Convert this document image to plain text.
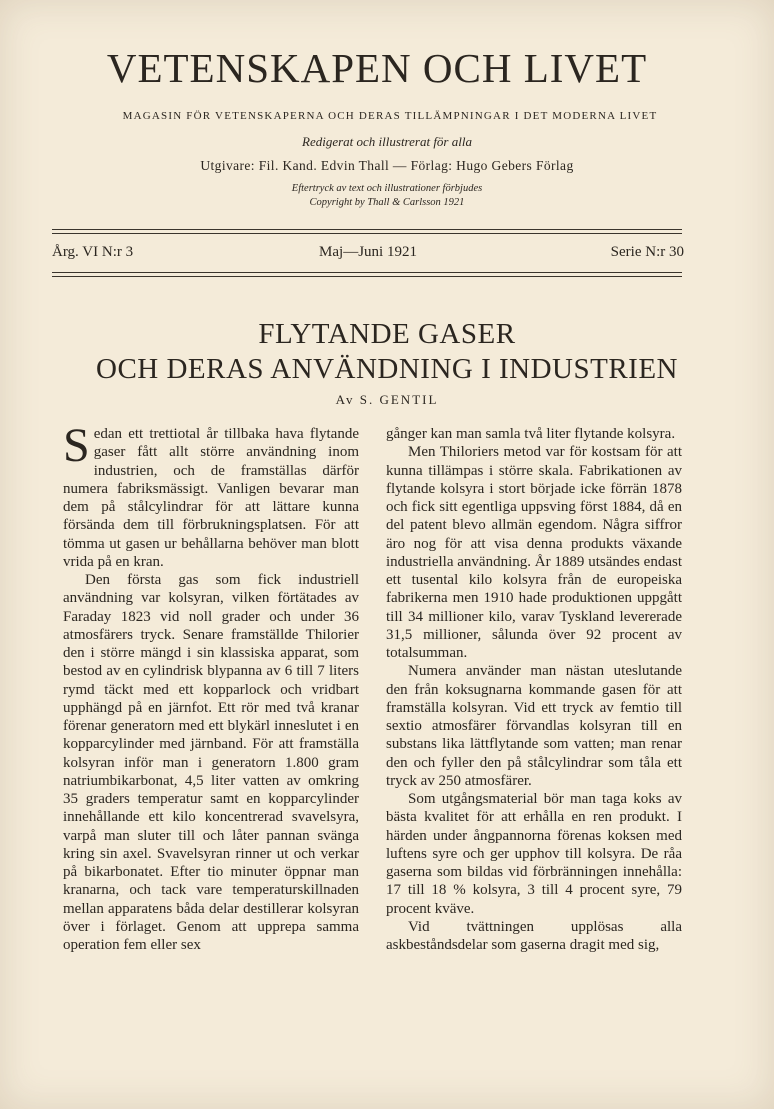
VETENSKAPEN OCH LIVET
MAGASIN FÖR VETENSKAPERNA OCH DERAS TILLÄMPNINGAR I DET MODERNA LIVET
Redigerat och illustrerat för alla
Utgivare: Fil. Kand. Edvin Thall — Förlag: Hugo Gebers Förlag
Eftertryck av text och illustrationer förbjudes
Copyright by Thall & Carlsson 1921
Årg. VI N:r 3	Maj—Juni 1921	Serie N:r 30
FLYTANDE GASER
OCH DERAS ANVÄNDNING I INDUSTRIEN
Av S. GENTIL

Sedan ett trettiotal år tillbaka hava flytande gaser fått allt större användning inom industrien, och de framställas därför numera fabriksmässigt. Vanligen bevarar man dem på stålcylindrar för att lättare kunna försända dem till förbrukningsplatsen. För att tömma ut gasen ur behållarna behöver man blott vrida på en kran.

Den första gas som fick industriell användning var kolsyran, vilken förtätades av Faraday 1823 vid noll grader och under 36 atmosfärers tryck. Senare framställde Thilorier den i större mängd i sin klassiska apparat, som bestod av en cylindrisk blypanna av 6 till 7 liters rymd täckt med ett kopparlock och vridbart upphängd på en järnfot. Ett rör med två kranar förenar generatorn med ett blykärl inneslutet i en kopparcylinder med järnband. För att framställa kolsyran inför man i generatorn 1.800 gram natriumbikarbonat, 4,5 liter vatten av omkring 35 graders temperatur samt en kopparcylinder innehållande ett kilo koncentrerad svavelsyra, varpå man sluter till och låter pannan svänga kring sin axel. Svavelsyran rinner ut och verkar på bikarbonatet. Efter tio minuter öppnar man kranarna, och tack vare temperaturskillnaden mellan apparatens båda delar destillerar kolsyran över i förlaget. Genom att upprepa samma operation fem eller sex

gånger kan man samla två liter flytande kolsyra.

Men Thiloriers metod var för kostsam för att kunna tillämpas i större skala. Fabrikationen av flytande kolsyra i stort började icke förrän 1878 och fick sitt egentliga uppsving först 1884, då en del patent blevo allmän egendom. Några siffror äro nog för att visa denna produkts växande industriella användning. År 1889 utsändes endast ett tusental kilo kolsyra från de europeiska fabrikerna men 1910 hade produktionen uppgått till 34 millioner kilo, varav Tyskland levererade 31,5 millioner, sålunda över 92 procent av totalsumman.

Numera använder man nästan uteslutande den från koksugnarna kommande gasen för att framställa kolsyran. Vid ett tryck av femtio till sextio atmosfärer förvandlas kolsyran till en substans lika lättflytande som vatten; man renar den och fyller den på stålcylindrar som tåla ett tryck av 250 atmosfärer.

Som utgångsmaterial bör man taga koks av bästa kvalitet för att erhålla en ren produkt. I härden under ångpannorna förenas koksen med luftens syre och ger upphov till kolsyra. De råa gaserna som bildas vid förbränningen innehålla: 17 till 18 % kolsyra, 3 till 4 procent syre, 79 procent kväve.

Vid tvättningen upplösas alla askbeståndsdelar som gaserna dragit med sig,
